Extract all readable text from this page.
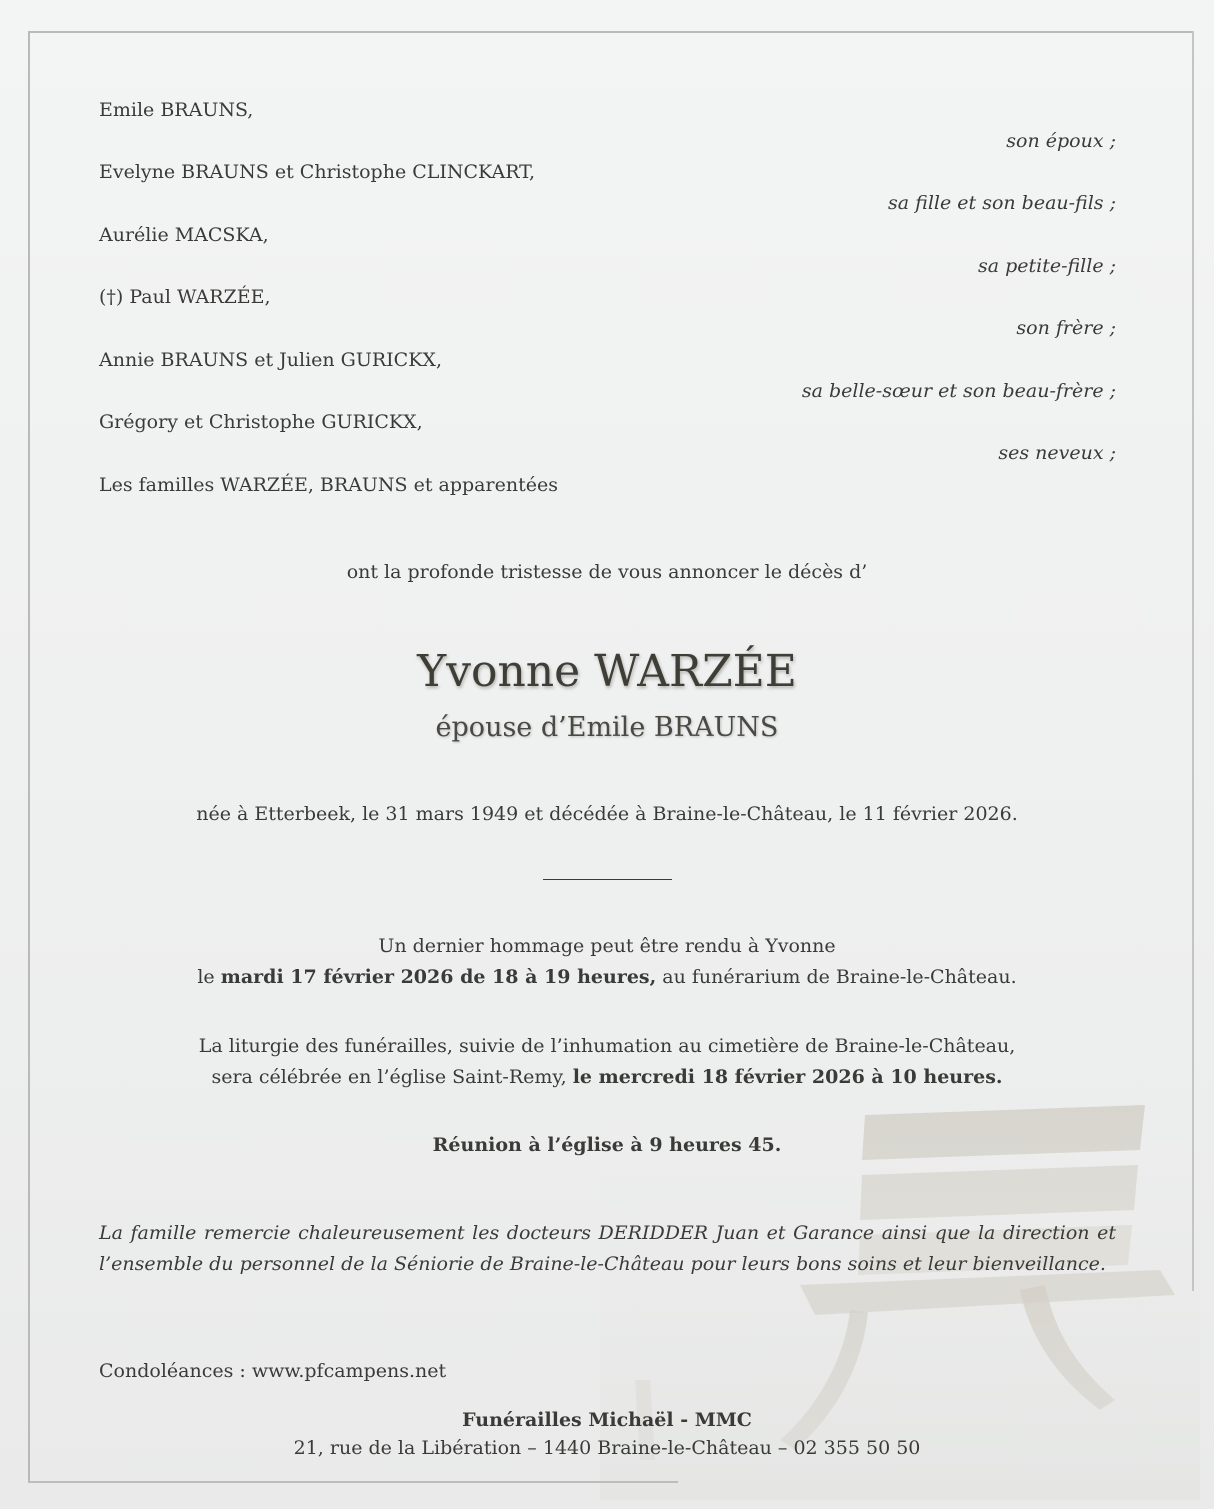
Emile BRAUNS,
son époux ;
Evelyne BRAUNS et Christophe CLINCKART,
sa fille et son beau-fils ;
Aurélie MACSKA,
sa petite-fille ;
(†) Paul WARZÉE,
son frère ;
Annie BRAUNS et Julien GURICKX,
sa belle-sœur et son beau-frère ;
Grégory et Christophe GURICKX,
ses neveux ;
Les familles WARZÉE, BRAUNS et apparentées
ont la profonde tristesse de vous annoncer le décès d’
Yvonne WARZÉE
épouse d’Emile BRAUNS
née à Etterbeek, le 31 mars 1949 et décédée à Braine-le-Château, le 11 février 2026.
Un dernier hommage peut être rendu à Yvonne
le mardi 17 février 2026 de 18 à 19 heures, au funérarium de Braine-le-Château.
La liturgie des funérailles, suivie de l’inhumation au cimetière de Braine-le-Château,
sera célébrée en l’église Saint-Remy, le mercredi 18 février 2026 à 10 heures.
Réunion à l’église à 9 heures 45.
La famille remercie chaleureusement les docteurs DERIDDER Juan et Garance ainsi que la direction et
l’ensemble du personnel de la Séniorie de Braine-le-Château pour leurs bons soins et leur bienveillance.
Condoléances : www.pfcampens.net
Funérailles Michaël - MMC
21, rue de la Libération – 1440 Braine-le-Château – 02 355 50 50
